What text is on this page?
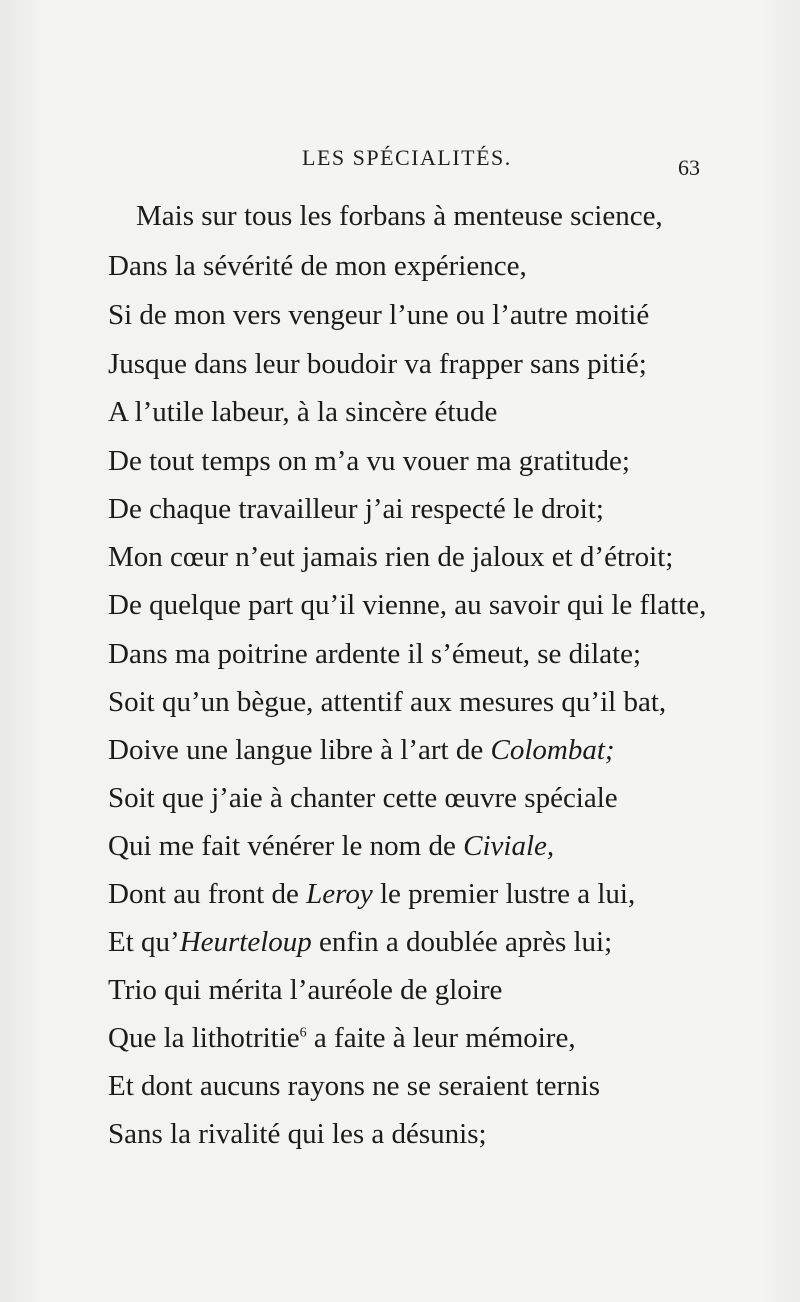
LES SPÉCIALITÉS.	63
Mais sur tous les forbans à menteuse science,
Dans la sévérité de mon expérience,
Si de mon vers vengeur l’une ou l’autre moitié
Jusque dans leur boudoir va frapper sans pitié;
A l’utile labeur, à la sincère étude
De tout temps on m’a vu vouer ma gratitude;
De chaque travailleur j’ai respecté le droit;
Mon cœur n’eut jamais rien de jaloux et d’étroit;
De quelque part qu’il vienne, au savoir qui le flatte,
Dans ma poitrine ardente il s’émeut, se dilate;
Soit qu’un bègue, attentif aux mesures qu’il bat,
Doive une langue libre à l’art de Colombat;
Soit que j’aie à chanter cette œuvre spéciale
Qui me fait vénérer le nom de Civiale,
Dont au front de Leroy le premier lustre a lui,
Et qu’Heurteloup enfin a doublée après lui;
Trio qui mérita l’auréole de gloire
Que la lithotritie$^6$ a faite à leur mémoire,
Et dont aucuns rayons ne se seraient ternis
Sans la rivalité qui les a désunis;
